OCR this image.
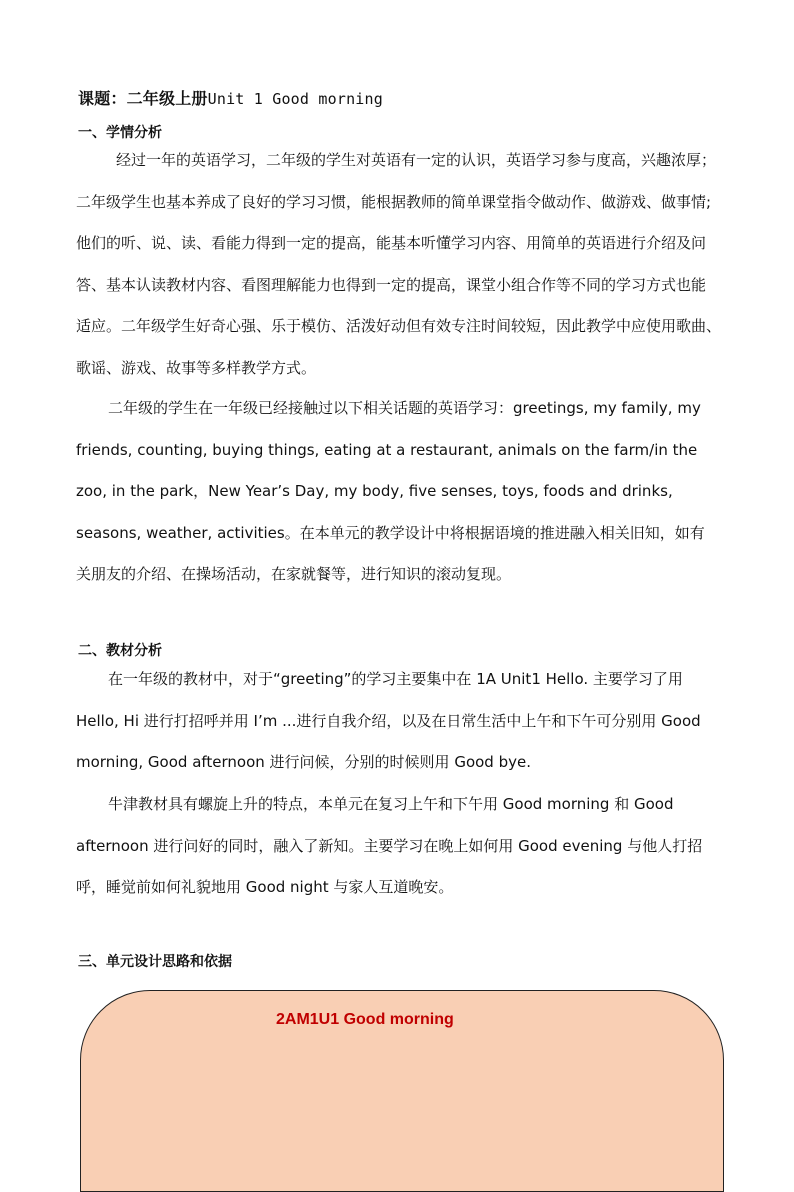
课题：二年级上册Unit 1 Good morning
一、学情分析
经过一年的英语学习，二年级的学生对英语有一定的认识，英语学习参与度高，兴趣浓厚；
二年级学生也基本养成了良好的学习习惯，能根据教师的简单课堂指令做动作、做游戏、做事情;
他们的听、说、读、看能力得到一定的提高，能基本听懂学习内容、用简单的英语进行介绍及问
答、基本认读教材内容、看图理解能力也得到一定的提高，课堂小组合作等不同的学习方式也能
适应。二年级学生好奇心强、乐于模仿、活泼好动但有效专注时间较短，因此教学中应使用歌曲、
歌谣、游戏、故事等多样教学方式。
二年级的学生在一年级已经接触过以下相关话题的英语学习：greetings, my family, my
friends, counting, buying things, eating at a restaurant, animals on the farm/in the
zoo, in the park，New Year’s Day, my body, five senses, toys, foods and drinks,
seasons, weather, activities。在本单元的教学设计中将根据语境的推进融入相关旧知，如有
关朋友的介绍、在操场活动，在家就餐等，进行知识的滚动复现。
二、教材分析
在一年级的教材中，对于“greeting”的学习主要集中在 1A Unit1 Hello. 主要学习了用
Hello, Hi 进行打招呼并用 I’m ...进行自我介绍，以及在日常生活中上午和下午可分别用 Good
morning, Good afternoon 进行问候，分别的时候则用 Good bye.
牛津教材具有螺旋上升的特点，本单元在复习上午和下午用 Good morning 和 Good
afternoon 进行问好的同时，融入了新知。主要学习在晚上如何用 Good evening 与他人打招
呼，睡觉前如何礼貌地用 Good night 与家人互道晚安。
三、单元设计思路和依据
2AM1U1 Good morning
